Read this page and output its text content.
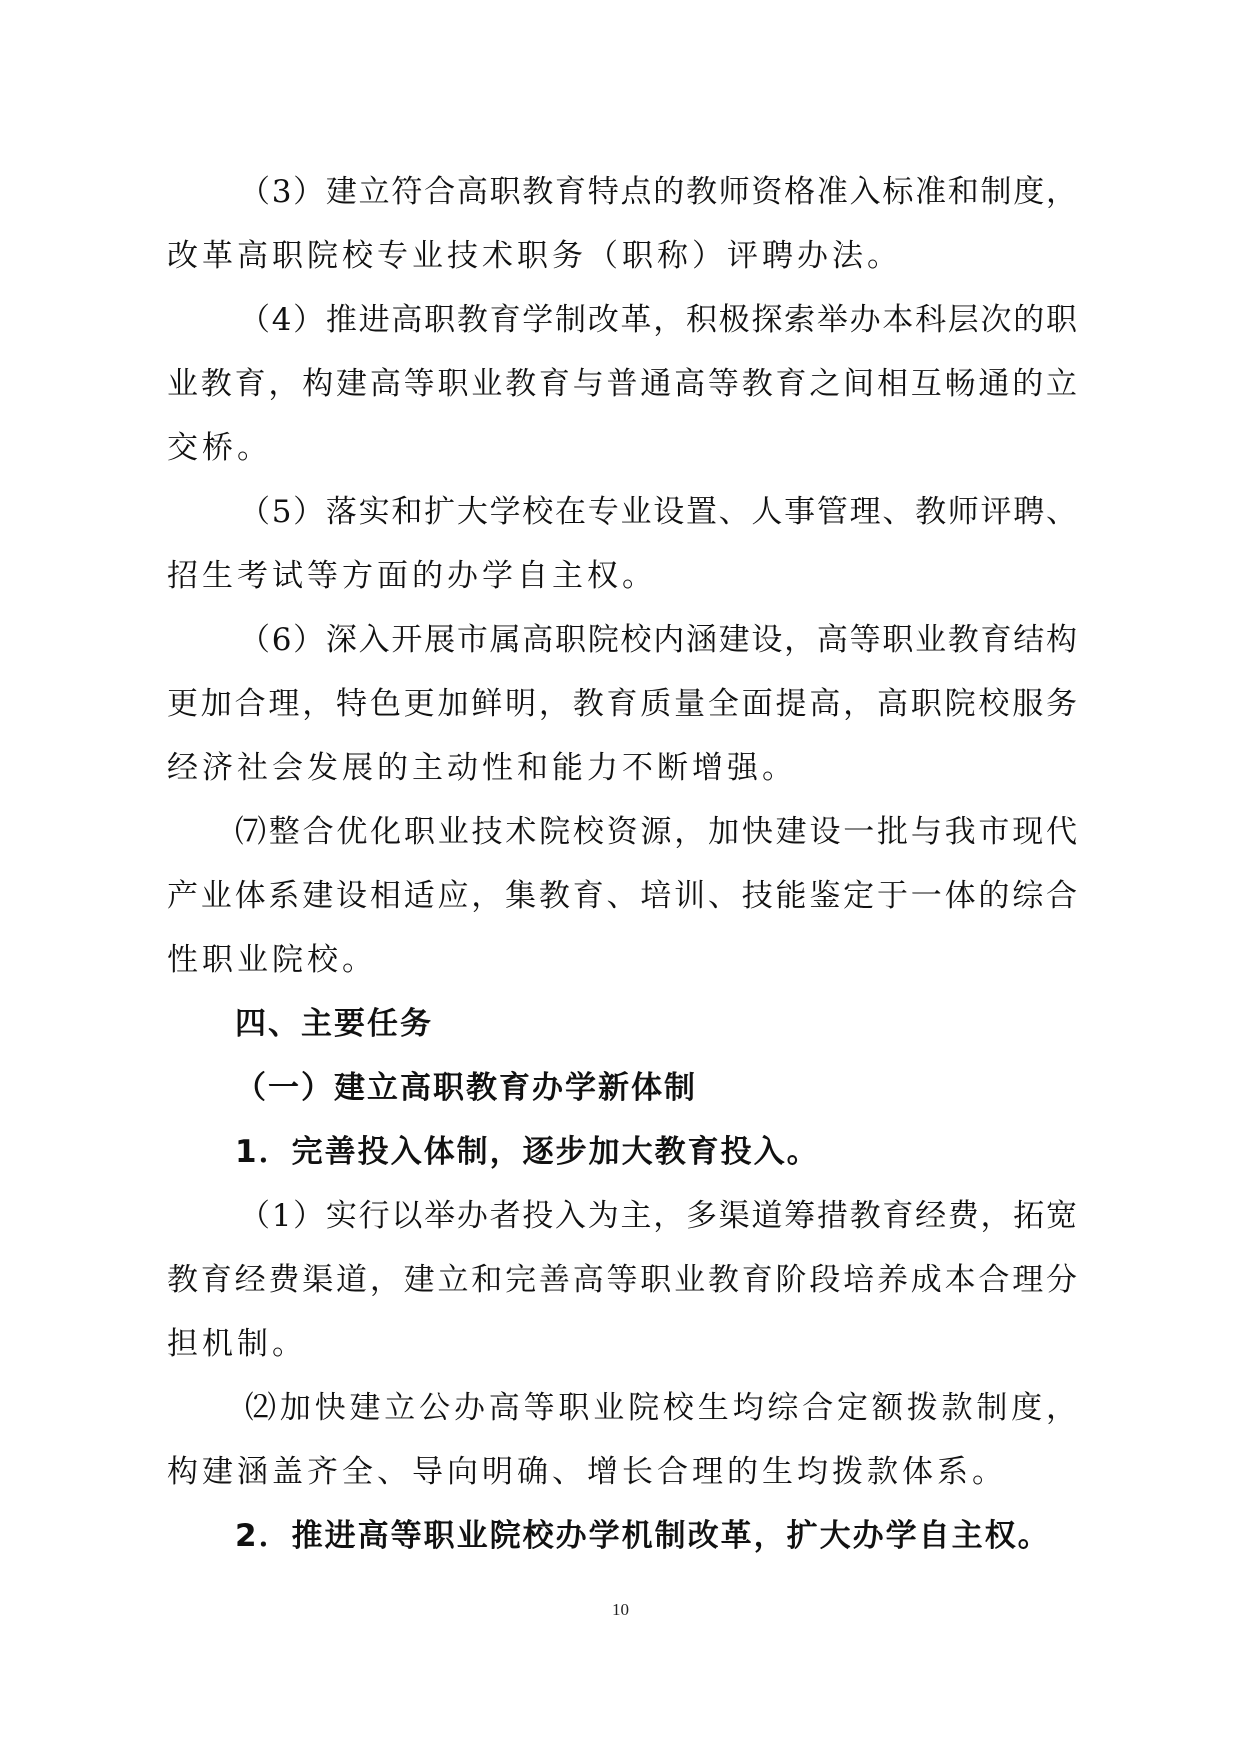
（3）建立符合高职教育特点的教师资格准入标准和制度，
改革高职院校专业技术职务（职称）评聘办法。
（4）推进高职教育学制改革，积极探索举办本科层次的职
业教育，构建高等职业教育与普通高等教育之间相互畅通的立
交桥。
（5）落实和扩大学校在专业设置、人事管理、教师评聘、
招生考试等方面的办学自主权。
（6）深入开展市属高职院校内涵建设，高等职业教育结构
更加合理，特色更加鲜明，教育质量全面提高，高职院校服务
经济社会发展的主动性和能力不断增强。
⑺整合优化职业技术院校资源，加快建设一批与我市现代
产业体系建设相适应，集教育、培训、技能鉴定于一体的综合
性职业院校。
四、主要任务
（一）建立高职教育办学新体制
1．完善投入体制，逐步加大教育投入。
（1）实行以举办者投入为主，多渠道筹措教育经费，拓宽
教育经费渠道，建立和完善高等职业教育阶段培养成本合理分
担机制。
⑵加快建立公办高等职业院校生均综合定额拨款制度，
构建涵盖齐全、导向明确、增长合理的生均拨款体系。
2．推进高等职业院校办学机制改革，扩大办学自主权。
10
